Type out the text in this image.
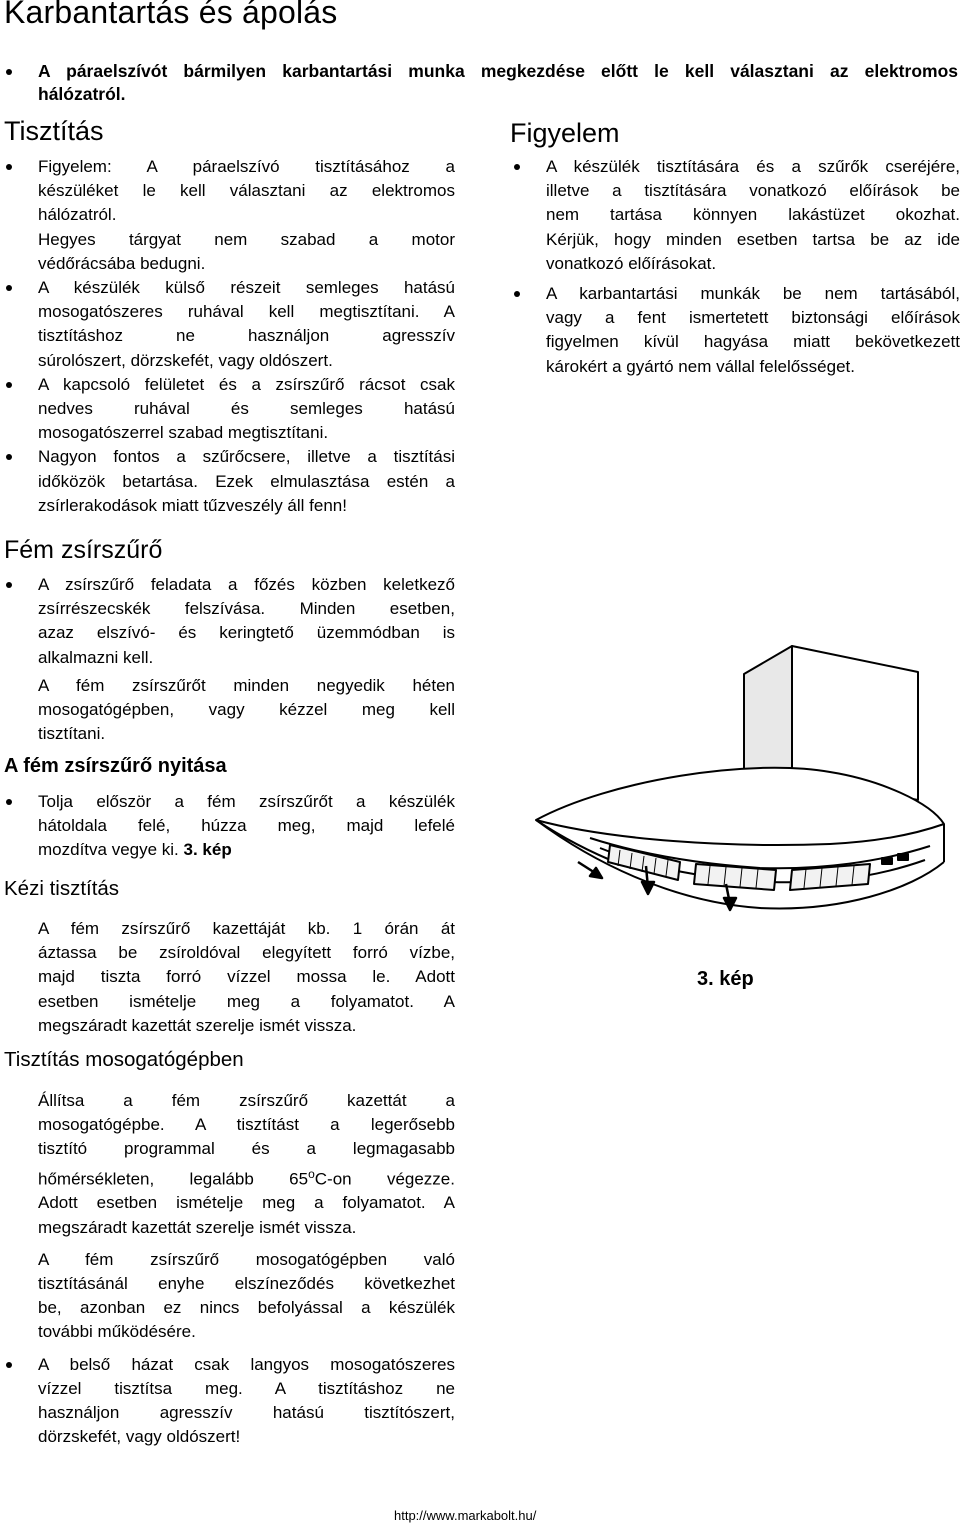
Karbantartás és ápolás
A páraelszívót bármilyen karbantartási munka megkezdése előtt le kell választani az elektromos
hálózatról.
Tisztítás
Figyelem: A páraelszívó tisztításához a
készüléket le kell választani az elektromos
hálózatról.
Hegyes tárgyat nem szabad a motor
védőrácsába bedugni.
A készülék külső részeit semleges hatású
mosogatószeres ruhával kell megtisztítani. A
tisztításhoz ne használjon agresszív
súrolószert, dörzskefét, vagy oldószert.
A kapcsoló felületet és a zsírszűrő rácsot csak
nedves ruhával és semleges hatású
mosogatószerrel szabad megtisztítani.
Nagyon fontos a szűrőcsere, illetve a tisztítási
időközök betartása. Ezek elmulasztása estén a
zsírlerakodások miatt tűzveszély áll fenn!
Fém zsírszűrő
A zsírszűrő feladata a főzés közben keletkező
zsírrészecskék felszívása. Minden esetben,
azaz elszívó- és keringtető üzemmódban is
alkalmazni kell.
A fém zsírszűrőt minden negyedik héten
mosogatógépben, vagy kézzel meg kell
tisztítani.
A fém zsírszűrő nyitása
Tolja először a fém zsírszűrőt a készülék
hátoldala felé, húzza meg, majd lefelé
mozdítva vegye ki. 3. kép
Kézi tisztítás
A fém zsírszűrő kazettáját kb. 1 órán át
áztassa be zsíroldóval elegyített forró vízbe,
majd tiszta forró vízzel mossa le. Adott
esetben ismételje meg a folyamatot. A
megszáradt kazettát szerelje ismét vissza.
Tisztítás mosogatógépben
Állítsa a fém zsírszűrő kazettát a
mosogatógépbe. A tisztítást a legerősebb
tisztító programmal és a legmagasabb
hőmérsékleten, legalább 65$^o$C-on végezze.
Adott esetben ismételje meg a folyamatot. A
megszáradt kazettát szerelje ismét vissza.
A fém zsírszűrő mosogatógépben való
tisztításánál enyhe elszíneződés következhet
be, azonban ez nincs befolyással a készülék
további működésére.
A belső házat csak langyos mosogatószeres
vízzel tisztítsa meg. A tisztításhoz ne
használjon agresszív hatású tisztítószert,
dörzskefét, vagy oldószert!
Figyelem
A készülék tisztítására és a szűrők cseréjére,
illetve a tisztítására vonatkozó előírások be
nem tartása könnyen lakástüzet okozhat.
Kérjük, hogy minden esetben tartsa be az ide
vonatkozó előírásokat.
A karbantartási munkák be nem tartásából,
vagy a fent ismertetett biztonsági előírások
figyelmen kívül hagyása miatt bekövetkezett
károkért a gyártó nem vállal felelősséget.
3. kép
http://www.markabolt.hu/
